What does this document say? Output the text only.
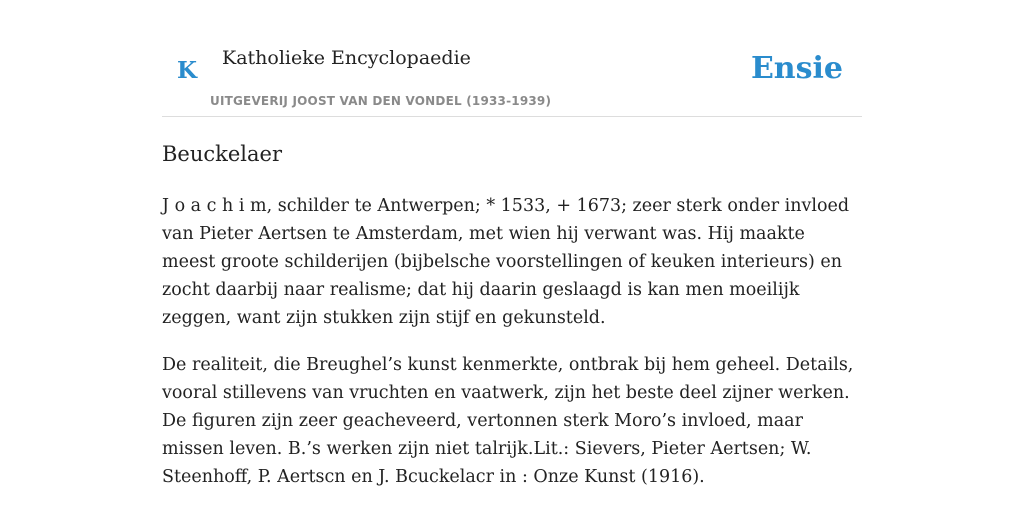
K Katholieke Encyclopaedie
UITGEVERIJ JOOST VAN DEN VONDEL (1933-1939)
Ensie
Beuckelaer

J o a c h i m, schilder te Antwerpen; * 1533, + 1673; zeer sterk onder invloed van Pieter Aertsen te Amsterdam, met wien hij verwant was. Hij maakte meest groote schilderijen (bijbelsche voorstellingen of keuken interieurs) en zocht daarbij naar realisme; dat hij daarin geslaagd is kan men moeilijk zeggen, want zijn stukken zijn stijf en gekunsteld.

De realiteit, die Breughel’s kunst kenmerkte, ontbrak bij hem geheel. Details, vooral stillevens van vruchten en vaatwerk, zijn het beste deel zijner werken. De figuren zijn zeer geacheveerd, vertonnen sterk Moro’s invloed, maar missen leven. B.’s werken zijn niet talrijk.Lit.: Sievers, Pieter Aertsen; W. Steenhoff, P. Aertscn en J. Bcuckelacr in : Onze Kunst (1916).
